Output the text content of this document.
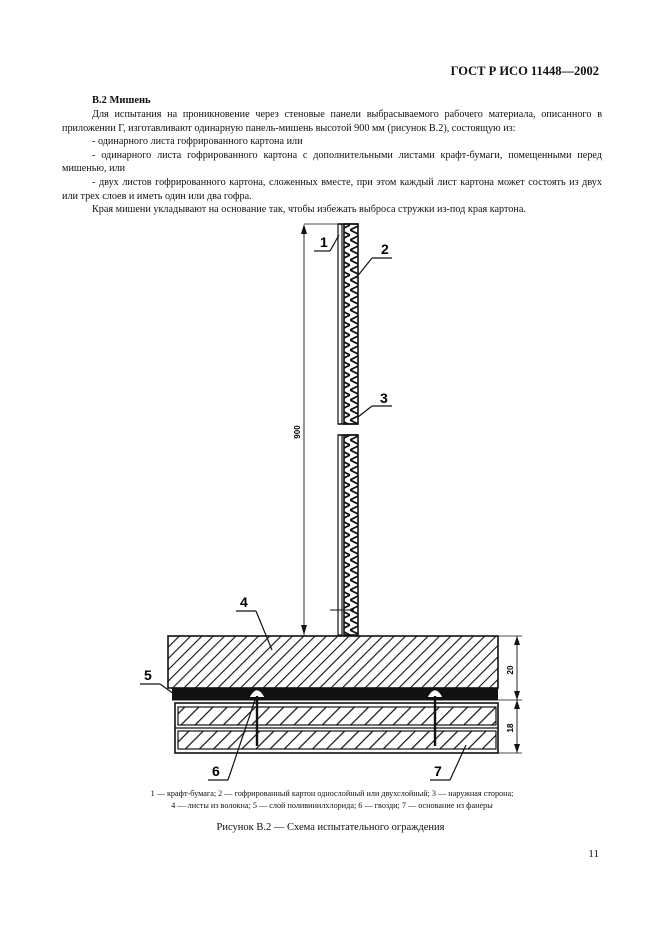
ГОСТ Р ИСО 11448—2002
В.2 Мишень

Для испытания на проникновение через стеновые панели выбрасываемого рабочего материала, описанного в приложении Г, изготавливают одинарную панель-мишень высотой 900 мм (рисунок В.2), состоящую из:

- одинарного листа гофрированного картона или

- одинарного листа гофрированного картона с дополнительными листами крафт-бумаги, помещенными перед мишенью, или

- двух листов гофрированного картона, сложенных вместе, при этом каждый лист картона может состоять из двух или трех слоев и иметь один или два гофра.

Края мишени укладывают на основание так, чтобы избежать выброса стружки из-под края картона.

900
20
18
1	2
3
4
5
6	7
1 — крафт-бумага; 2 — гофрированный картон однослойный или двухслойный; 3 — наружная сторона;
4 — листы из волокна; 5 — слой поливинилхлорида; 6 — гвозди; 7 — основание из фанеры
Рисунок В.2 — Схема испытательного ограждения
11
